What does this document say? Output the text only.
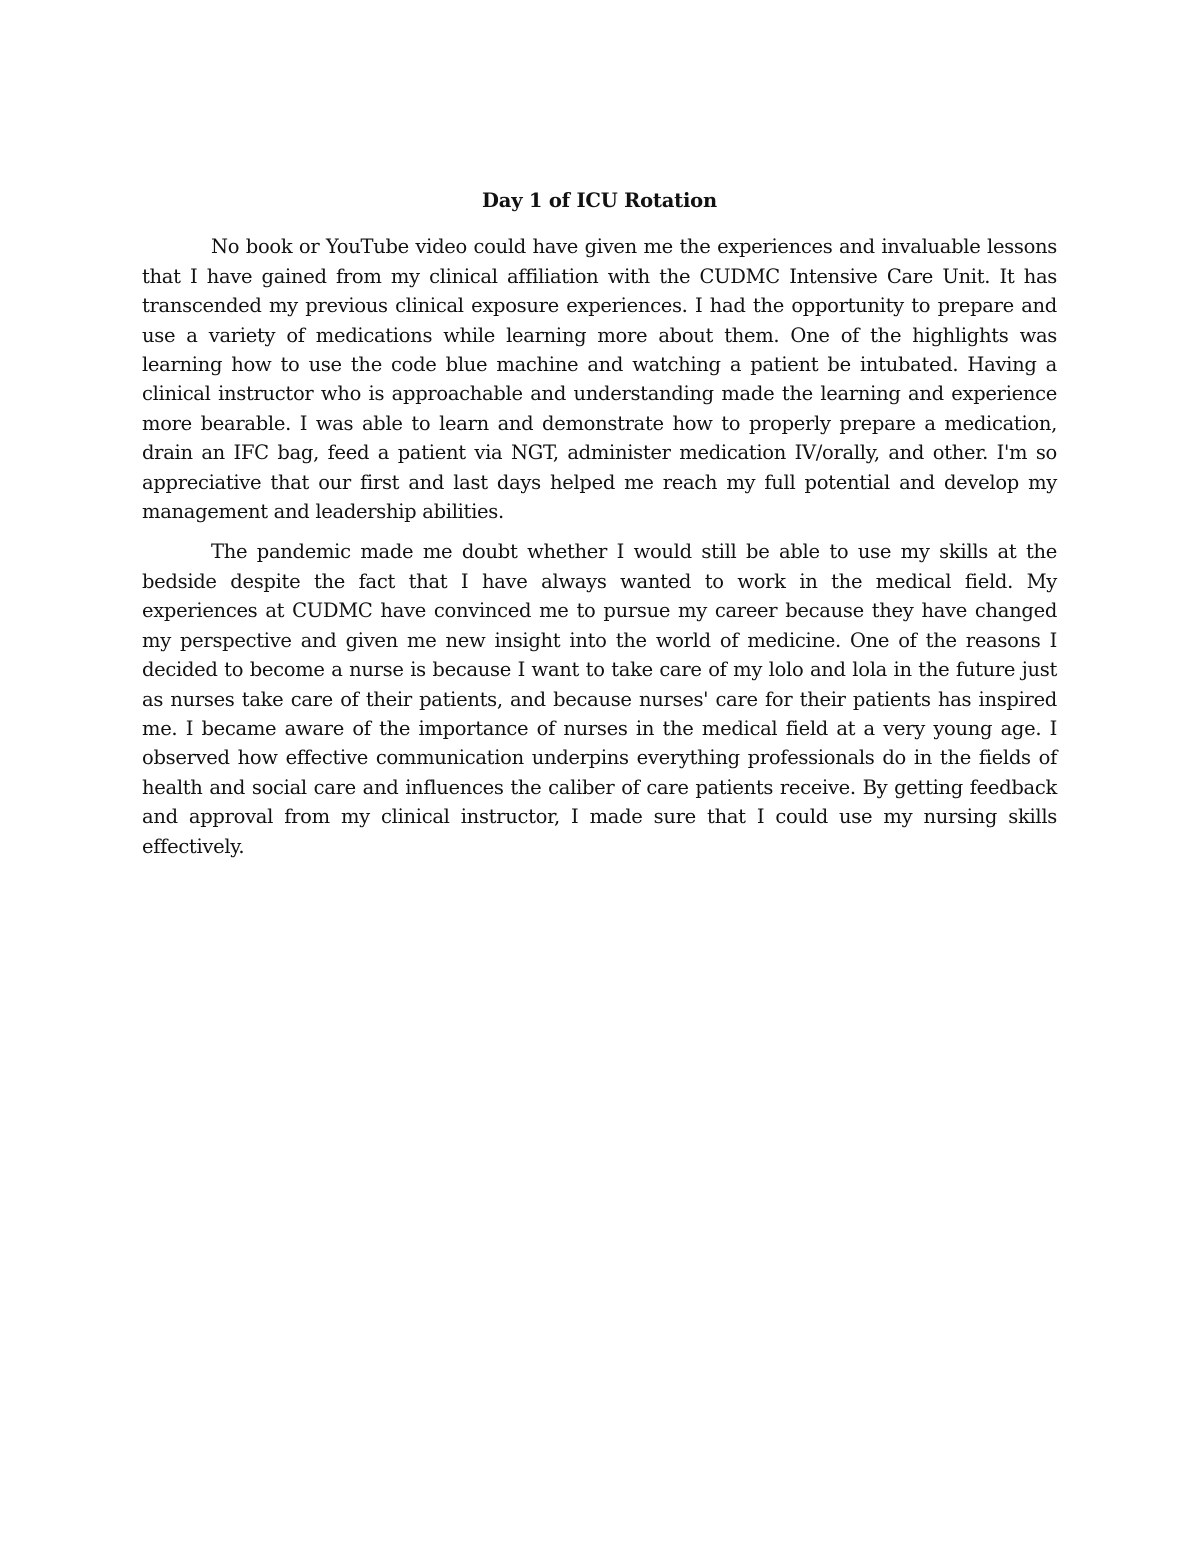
Day 1 of ICU Rotation

No book or YouTube video could have given me the experiences and invaluable lessons that I have gained from my clinical affiliation with the CUDMC Intensive Care Unit. It has transcended my previous clinical exposure experiences. I had the opportunity to prepare and use a variety of medications while learning more about them. One of the highlights was learning how to use the code blue machine and watching a patient be intubated. Having a clinical instructor who is approachable and understanding made the learning and experience more bearable. I was able to learn and demonstrate how to properly prepare a medication, drain an IFC bag, feed a patient via NGT, administer medication IV/orally, and other. I'm so appreciative that our first and last days helped me reach my full potential and develop my management and leadership abilities.

The pandemic made me doubt whether I would still be able to use my skills at the bedside despite the fact that I have always wanted to work in the medical field. My experiences at CUDMC have convinced me to pursue my career because they have changed my perspective and given me new insight into the world of medicine. One of the reasons I decided to become a nurse is because I want to take care of my lolo and lola in the future just as nurses take care of their patients, and because nurses' care for their patients has inspired me. I became aware of the importance of nurses in the medical field at a very young age. I observed how effective communication underpins everything professionals do in the fields of health and social care and influences the caliber of care patients receive. By getting feedback and approval from my clinical instructor, I made sure that I could use my nursing skills effectively.
